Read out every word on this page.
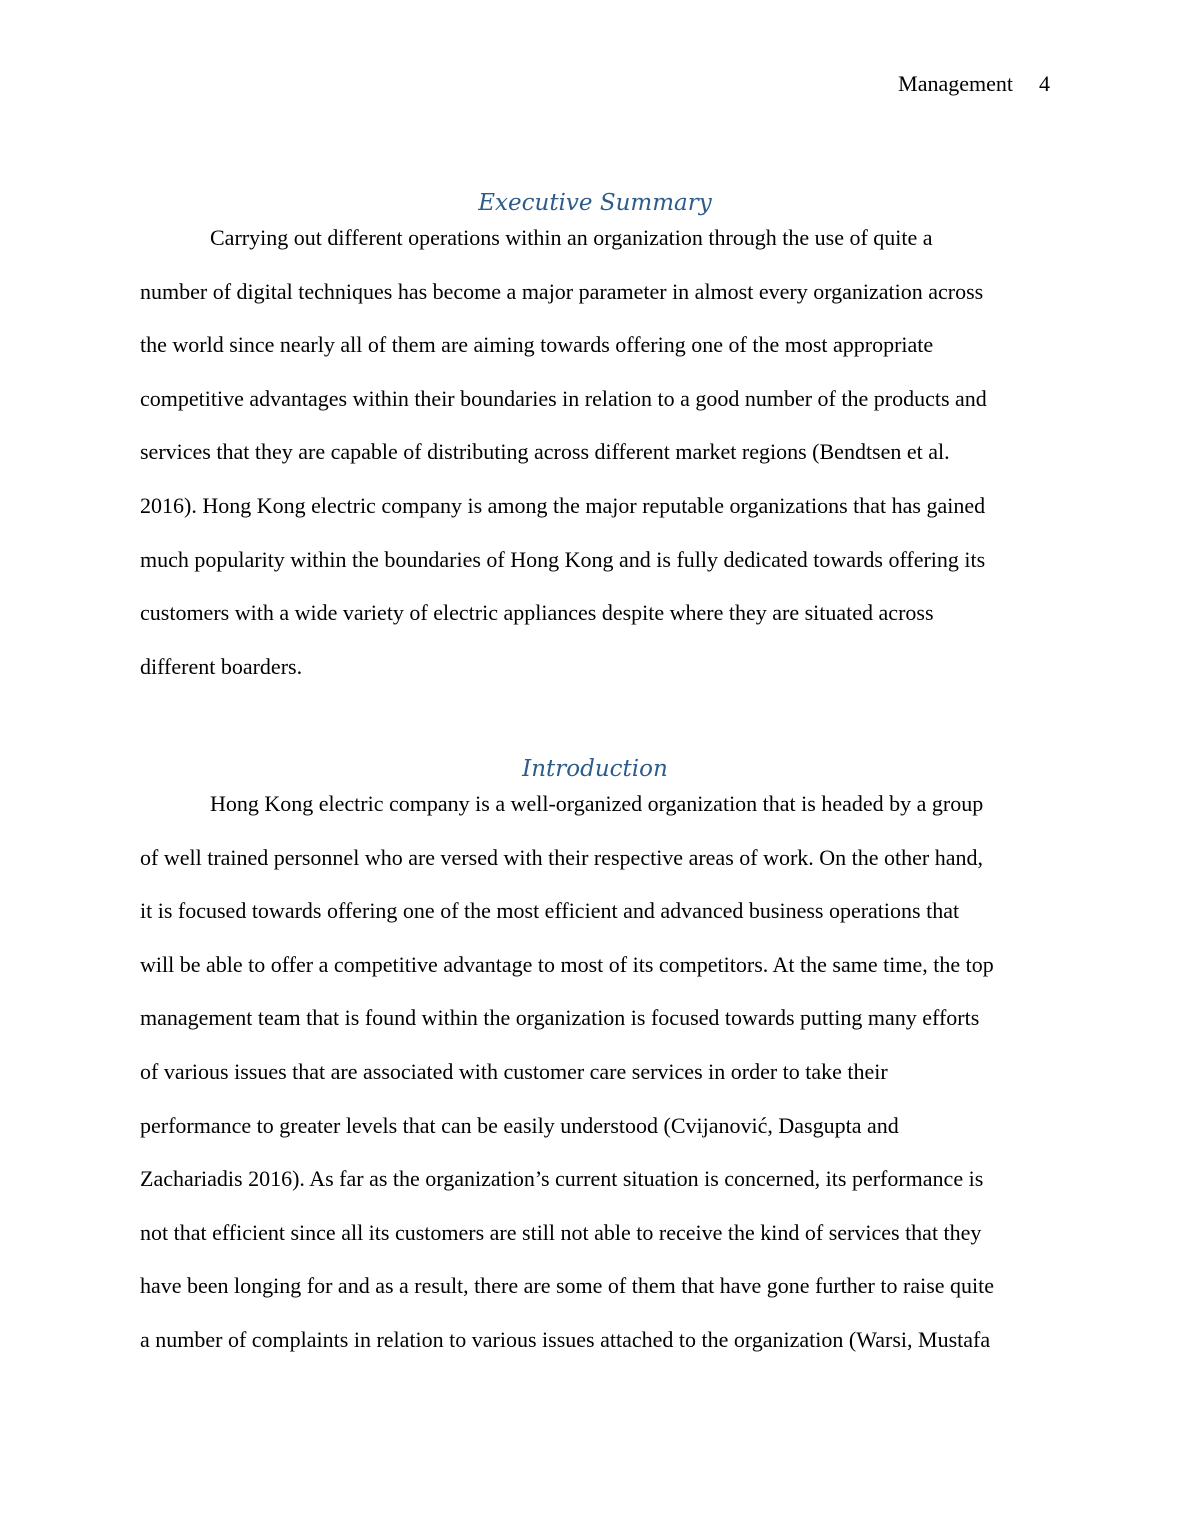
Management 4
Executive Summary
Carrying out different operations within an organization through the use of quite a
number of digital techniques has become a major parameter in almost every organization across
the world since nearly all of them are aiming towards offering one of the most appropriate
competitive advantages within their boundaries in relation to a good number of the products and
services that they are capable of distributing across different market regions (Bendtsen et al.
2016). Hong Kong electric company is among the major reputable organizations that has gained
much popularity within the boundaries of Hong Kong and is fully dedicated towards offering its
customers with a wide variety of electric appliances despite where they are situated across
different boarders.
Introduction
Hong Kong electric company is a well-organized organization that is headed by a group
of well trained personnel who are versed with their respective areas of work. On the other hand,
it is focused towards offering one of the most efficient and advanced business operations that
will be able to offer a competitive advantage to most of its competitors. At the same time, the top
management team that is found within the organization is focused towards putting many efforts
of various issues that are associated with customer care services in order to take their
performance to greater levels that can be easily understood (Cvijanović, Dasgupta and
Zachariadis 2016). As far as the organization’s current situation is concerned, its performance is
not that efficient since all its customers are still not able to receive the kind of services that they
have been longing for and as a result, there are some of them that have gone further to raise quite
a number of complaints in relation to various issues attached to the organization (Warsi, Mustafa
